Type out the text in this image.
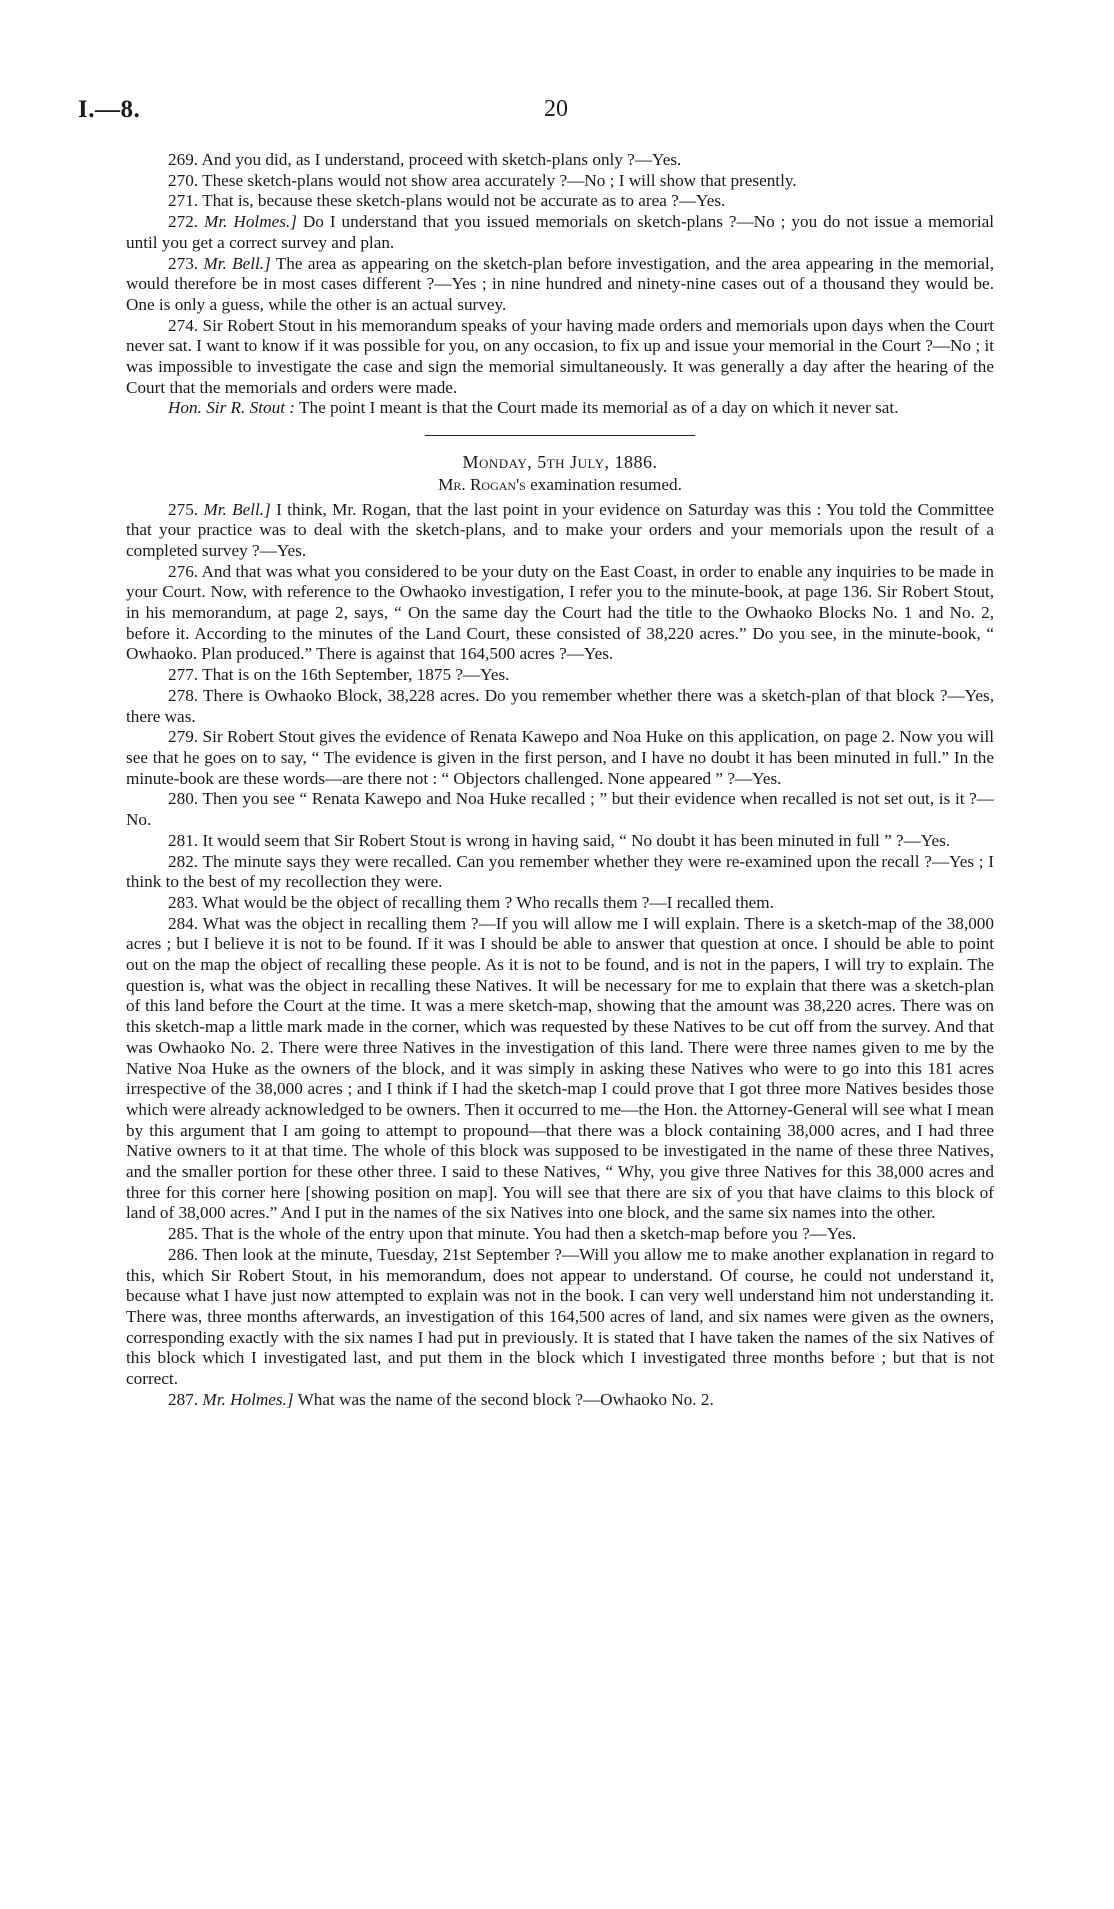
I.—8.	20

269. And you did, as I understand, proceed with sketch-plans only ?—Yes.

270. These sketch-plans would not show area accurately ?—No ; I will show that presently.

271. That is, because these sketch-plans would not be accurate as to area ?—Yes.

272. Mr. Holmes.] Do I understand that you issued memorials on sketch-plans ?—No ; you do not issue a memorial until you get a correct survey and plan.

273. Mr. Bell.] The area as appearing on the sketch-plan before investigation, and the area appearing in the memorial, would therefore be in most cases different ?—Yes ; in nine hundred and ninety-nine cases out of a thousand they would be. One is only a guess, while the other is an actual survey.

274. Sir Robert Stout in his memorandum speaks of your having made orders and memorials upon days when the Court never sat. I want to know if it was possible for you, on any occasion, to fix up and issue your memorial in the Court ?—No ; it was impossible to investigate the case and sign the memorial simultaneously. It was generally a day after the hearing of the Court that the memorials and orders were made.

Hon. Sir R. Stout : The point I meant is that the Court made its memorial as of a day on which it never sat.

Monday, 5th July, 1886.

Mr. Rogan's examination resumed.

275. Mr. Bell.] I think, Mr. Rogan, that the last point in your evidence on Saturday was this : You told the Committee that your practice was to deal with the sketch-plans, and to make your orders and your memorials upon the result of a completed survey ?—Yes.

276. And that was what you considered to be your duty on the East Coast, in order to enable any inquiries to be made in your Court. Now, with reference to the Owhaoko investigation, I refer you to the minute-book, at page 136. Sir Robert Stout, in his memorandum, at page 2, says, “ On the same day the Court had the title to the Owhaoko Blocks No. 1 and No. 2, before it. According to the minutes of the Land Court, these consisted of 38,220 acres.” Do you see, in the minute-book, “ Owhaoko. Plan produced.” There is against that 164,500 acres ?—Yes.

277. That is on the 16th September, 1875 ?—Yes.

278. There is Owhaoko Block, 38,228 acres. Do you remember whether there was a sketch-plan of that block ?—Yes, there was.

279. Sir Robert Stout gives the evidence of Renata Kawepo and Noa Huke on this application, on page 2. Now you will see that he goes on to say, “ The evidence is given in the first person, and I have no doubt it has been minuted in full.” In the minute-book are these words—are there not : “ Objectors challenged. None appeared ” ?—Yes.

280. Then you see “ Renata Kawepo and Noa Huke recalled ; ” but their evidence when recalled is not set out, is it ?—No.

281. It would seem that Sir Robert Stout is wrong in having said, “ No doubt it has been minuted in full ” ?—Yes.

282. The minute says they were recalled. Can you remember whether they were re-examined upon the recall ?—Yes ; I think to the best of my recollection they were.

283. What would be the object of recalling them ? Who recalls them ?—I recalled them.

284. What was the object in recalling them ?—If you will allow me I will explain. There is a sketch-map of the 38,000 acres ; but I believe it is not to be found. If it was I should be able to answer that question at once. I should be able to point out on the map the object of recalling these people. As it is not to be found, and is not in the papers, I will try to explain. The question is, what was the object in recalling these Natives. It will be necessary for me to explain that there was a sketch-plan of this land before the Court at the time. It was a mere sketch-map, showing that the amount was 38,220 acres. There was on this sketch-map a little mark made in the corner, which was requested by these Natives to be cut off from the survey. And that was Owhaoko No. 2. There were three Natives in the investigation of this land. There were three names given to me by the Native Noa Huke as the owners of the block, and it was simply in asking these Natives who were to go into this 181 acres irrespective of the 38,000 acres ; and I think if I had the sketch-map I could prove that I got three more Natives besides those which were already acknowledged to be owners. Then it occurred to me—the Hon. the Attorney-General will see what I mean by this argument that I am going to attempt to propound—that there was a block containing 38,000 acres, and I had three Native owners to it at that time. The whole of this block was supposed to be investigated in the name of these three Natives, and the smaller portion for these other three. I said to these Natives, “ Why, you give three Natives for this 38,000 acres and three for this corner here [showing position on map]. You will see that there are six of you that have claims to this block of land of 38,000 acres.” And I put in the names of the six Natives into one block, and the same six names into the other.

285. That is the whole of the entry upon that minute. You had then a sketch-map before you ?—Yes.

286. Then look at the minute, Tuesday, 21st September ?—Will you allow me to make another explanation in regard to this, which Sir Robert Stout, in his memorandum, does not appear to understand. Of course, he could not understand it, because what I have just now attempted to explain was not in the book. I can very well understand him not understanding it. There was, three months afterwards, an investigation of this 164,500 acres of land, and six names were given as the owners, corresponding exactly with the six names I had put in previously. It is stated that I have taken the names of the six Natives of this block which I investigated last, and put them in the block which I investigated three months before ; but that is not correct.

287. Mr. Holmes.] What was the name of the second block ?—Owhaoko No. 2.
